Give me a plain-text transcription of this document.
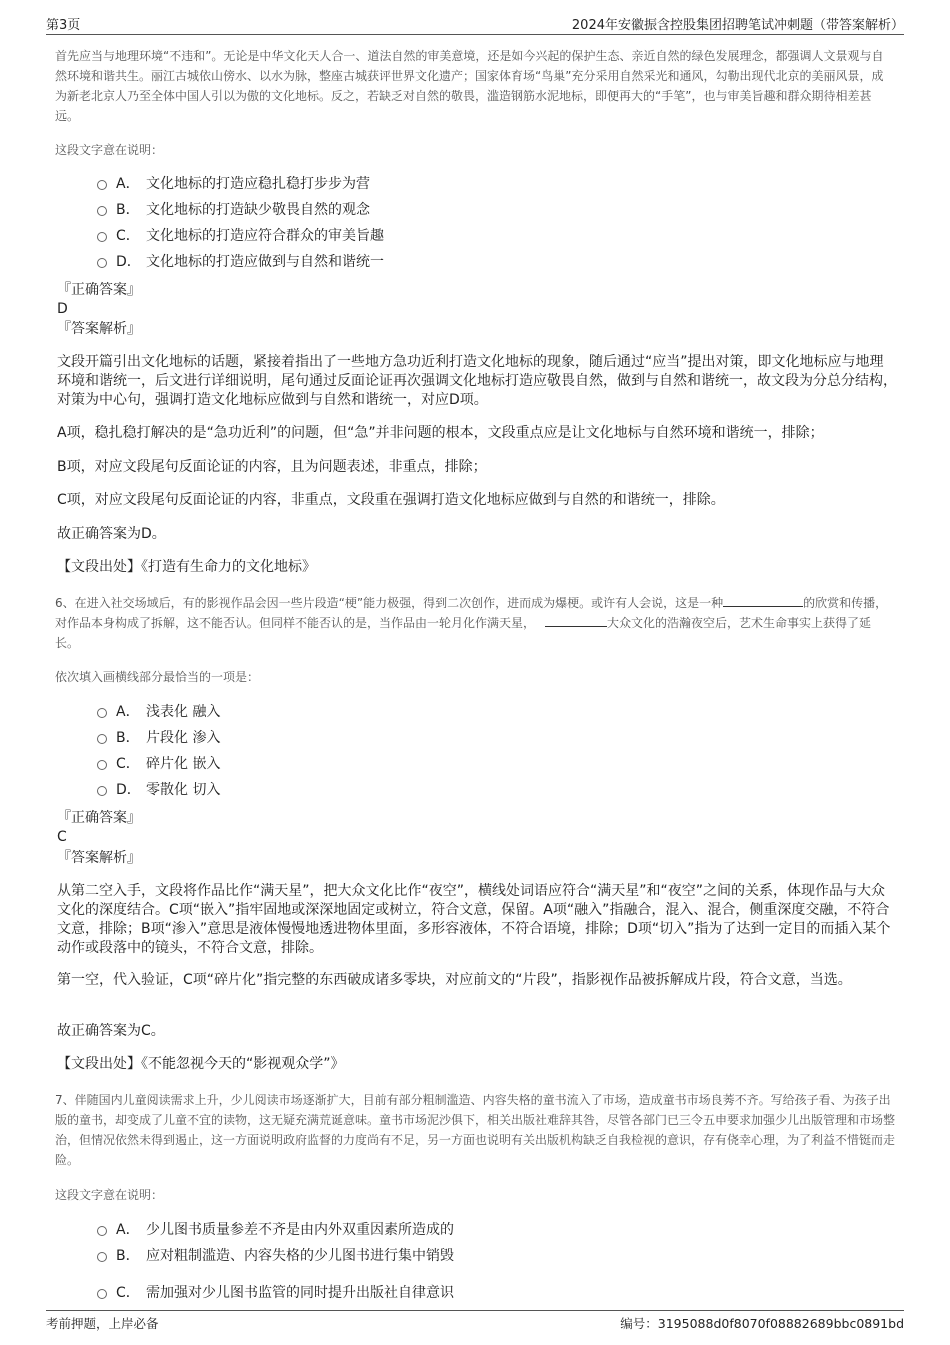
第3页	2024年安徽振含控股集团招聘笔试冲刺题（带答案解析）
首先应当与地理环境“不违和”。无论是中华文化天人合一、道法自然的审美意境，还是如今兴起的保护生态、亲近自然的绿色发展理念，都强调人文景观与自然环境和谐共生。丽江古城依山傍水、以水为脉，整座古城获评世界文化遗产；国家体育场“鸟巢”充分采用自然采光和通风，勾勒出现代北京的美丽风景，成为新老北京人乃至全体中国人引以为傲的文化地标。反之，若缺乏对自然的敬畏，滥造钢筋水泥地标，即便再大的“手笔”，也与审美旨趣和群众期待相差甚远。
这段文字意在说明：
A． 文化地标的打造应稳扎稳打步步为营
B． 文化地标的打造缺少敬畏自然的观念
C． 文化地标的打造应符合群众的审美旨趣
D． 文化地标的打造应做到与自然和谐统一
『正确答案』
D
『答案解析』
文段开篇引出文化地标的话题，紧接着指出了一些地方急功近利打造文化地标的现象，随后通过“应当”提出对策，即文化地标应与地理环境和谐统一，后文进行详细说明，尾句通过反面论证再次强调文化地标打造应敬畏自然，做到与自然和谐统一，故文段为分总分结构，对策为中心句，强调打造文化地标应做到与自然和谐统一，对应D项。
A项，稳扎稳打解决的是“急功近利”的问题，但“急”并非问题的根本，文段重点应是让文化地标与自然环境和谐统一，排除；
B项，对应文段尾句反面论证的内容，且为问题表述，非重点，排除；
C项，对应文段尾句反面论证的内容，非重点，文段重在强调打造文化地标应做到与自然的和谐统一，排除。
故正确答案为D。
【文段出处】《打造有生命力的文化地标》
6、在进入社交场域后，有的影视作品会因一些片段造“梗”能力极强，得到二次创作，进而成为爆梗。或许有人会说，这是一种	的欣赏和传播，对作品本身构成了拆解，这不能否认。但同样不能否认的是，当作品由一轮月化作满天星，	大众文化的浩瀚夜空后，艺术生命事实上获得了延长。
依次填入画横线部分最恰当的一项是：
A． 浅表化 融入
B． 片段化 渗入
C． 碎片化 嵌入
D． 零散化 切入
『正确答案』
C
『答案解析』
从第二空入手，文段将作品比作“满天星”，把大众文化比作“夜空”，横线处词语应符合“满天星”和“夜空”之间的关系，体现作品与大众文化的深度结合。C项“嵌入”指牢固地或深深地固定或树立，符合文意，保留。A项“融入”指融合，混入、混合，侧重深度交融，不符合文意，排除；B项“渗入”意思是液体慢慢地透进物体里面，多形容液体，不符合语境，排除；D项“切入”指为了达到一定目的而插入某个动作或段落中的镜头，不符合文意，排除。
第一空，代入验证，C项“碎片化”指完整的东西破成诸多零块，对应前文的“片段”，指影视作品被拆解成片段，符合文意，当选。
故正确答案为C。
【文段出处】《不能忽视今天的“影视观众学”》
7、伴随国内儿童阅读需求上升，少儿阅读市场逐渐扩大，目前有部分粗制滥造、内容失格的童书流入了市场，造成童书市场良莠不齐。写给孩子看、为孩子出版的童书，却变成了儿童不宜的读物，这无疑充满荒诞意味。童书市场泥沙俱下，相关出版社难辞其咎，尽管各部门已三令五申要求加强少儿出版管理和市场整治，但情况依然未得到遏止，这一方面说明政府监督的力度尚有不足，另一方面也说明有关出版机构缺乏自我检视的意识，存有侥幸心理，为了利益不惜铤而走险。
这段文字意在说明：
A． 少儿图书质量参差不齐是由内外双重因素所造成的
B． 应对粗制滥造、内容失格的少儿图书进行集中销毁
C． 需加强对少儿图书监管的同时提升出版社自律意识
考前押题，上岸必备	编号：3195088d0f8070f08882689bbc0891bd
